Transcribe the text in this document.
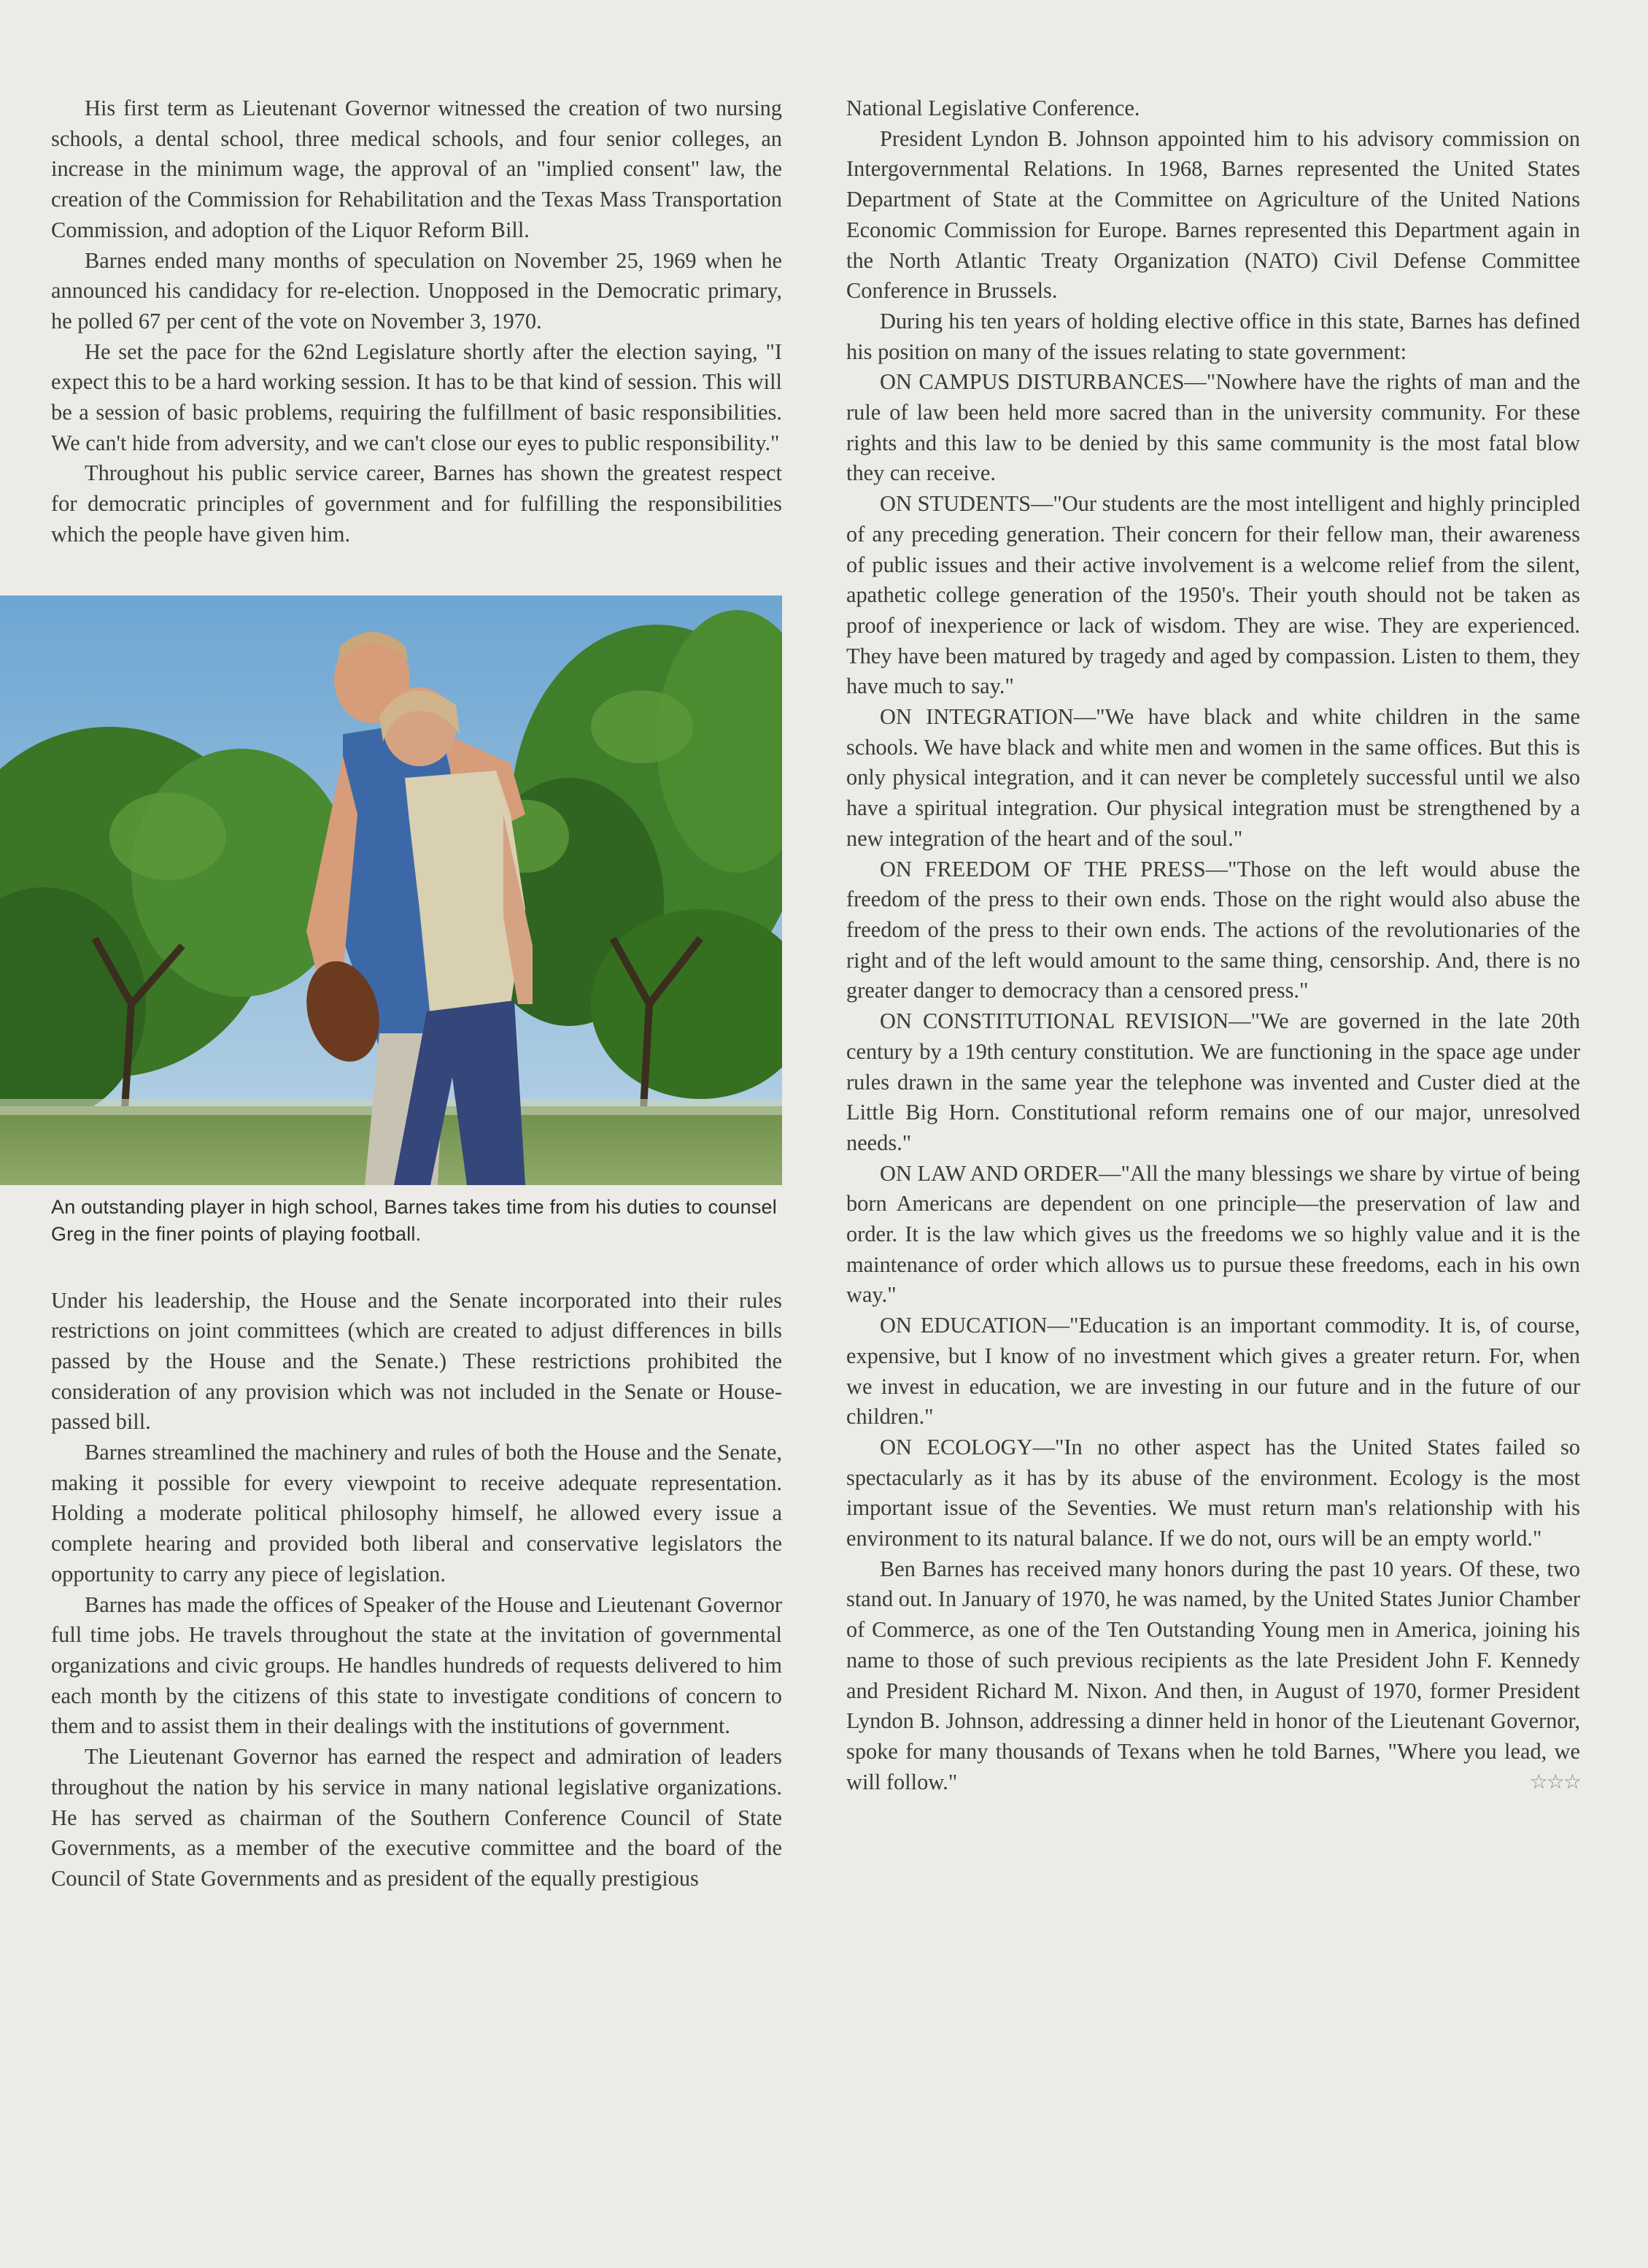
His first term as Lieutenant Governor witnessed the creation of two nursing schools, a dental school, three medical schools, and four senior colleges, an increase in the minimum wage, the approval of an "implied consent" law, the creation of the Commission for Rehabilitation and the Texas Mass Transportation Commission, and adoption of the Liquor Reform Bill.

Barnes ended many months of speculation on November 25, 1969 when he announced his candidacy for re-election. Unopposed in the Democratic primary, he polled 67 per cent of the vote on November 3, 1970.

He set the pace for the 62nd Legislature shortly after the election saying, "I expect this to be a hard working session. It has to be that kind of session. This will be a session of basic problems, requiring the fulfillment of basic responsibilities. We can't hide from adversity, and we can't close our eyes to public responsibility."

Throughout his public service career, Barnes has shown the greatest respect for democratic principles of government and for fulfilling the responsibilities which the people have given him.

An outstanding player in high school, Barnes takes time from his duties to counsel Greg in the finer points of playing football.

Under his leadership, the House and the Senate incorporated into their rules restrictions on joint committees (which are created to adjust differences in bills passed by the House and the Senate.) These restrictions prohibited the consideration of any provision which was not included in the Senate or House-passed bill.

Barnes streamlined the machinery and rules of both the House and the Senate, making it possible for every viewpoint to receive adequate representation. Holding a moderate political philosophy himself, he allowed every issue a complete hearing and provided both liberal and conservative legislators the opportunity to carry any piece of legislation.

Barnes has made the offices of Speaker of the House and Lieutenant Governor full time jobs. He travels throughout the state at the invitation of governmental organizations and civic groups. He handles hundreds of requests delivered to him each month by the citizens of this state to investigate conditions of concern to them and to assist them in their dealings with the institutions of government.

The Lieutenant Governor has earned the respect and admiration of leaders throughout the nation by his service in many national legislative organizations. He has served as chairman of the Southern Conference Council of State Governments, as a member of the executive committee and the board of the Council of State Governments and as president of the equally prestigious

National Legislative Conference.

President Lyndon B. Johnson appointed him to his advisory commission on Intergovernmental Relations. In 1968, Barnes represented the United States Department of State at the Committee on Agriculture of the United Nations Economic Commission for Europe. Barnes represented this Department again in the North Atlantic Treaty Organization (NATO) Civil Defense Committee Conference in Brussels.

During his ten years of holding elective office in this state, Barnes has defined his position on many of the issues relating to state government:

ON CAMPUS DISTURBANCES—"Nowhere have the rights of man and the rule of law been held more sacred than in the university community. For these rights and this law to be denied by this same community is the most fatal blow they can receive.

ON STUDENTS—"Our students are the most intelligent and highly principled of any preceding generation. Their concern for their fellow man, their awareness of public issues and their active involvement is a welcome relief from the silent, apathetic college generation of the 1950's. Their youth should not be taken as proof of inexperience or lack of wisdom. They are wise. They are experienced. They have been matured by tragedy and aged by compassion. Listen to them, they have much to say."

ON INTEGRATION—"We have black and white children in the same schools. We have black and white men and women in the same offices. But this is only physical integration, and it can never be completely successful until we also have a spiritual integration. Our physical integration must be strengthened by a new integration of the heart and of the soul."

ON FREEDOM OF THE PRESS—"Those on the left would abuse the freedom of the press to their own ends. Those on the right would also abuse the freedom of the press to their own ends. The actions of the revolutionaries of the right and of the left would amount to the same thing, censorship. And, there is no greater danger to democracy than a censored press."

ON CONSTITUTIONAL REVISION—"We are governed in the late 20th century by a 19th century constitution. We are functioning in the space age under rules drawn in the same year the telephone was invented and Custer died at the Little Big Horn. Constitutional reform remains one of our major, unresolved needs."

ON LAW AND ORDER—"All the many blessings we share by virtue of being born Americans are dependent on one principle—the preservation of law and order. It is the law which gives us the freedoms we so highly value and it is the maintenance of order which allows us to pursue these freedoms, each in his own way."

ON EDUCATION—"Education is an important commodity. It is, of course, expensive, but I know of no investment which gives a greater return. For, when we invest in education, we are investing in our future and in the future of our children."

ON ECOLOGY—"In no other aspect has the United States failed so spectacularly as it has by its abuse of the environment. Ecology is the most important issue of the Seventies. We must return man's relationship with his environment to its natural balance. If we do not, ours will be an empty world."

Ben Barnes has received many honors during the past 10 years. Of these, two stand out. In January of 1970, he was named, by the United States Junior Chamber of Commerce, as one of the Ten Outstanding Young men in America, joining his name to those of such previous recipients as the late President John F. Kennedy and President Richard M. Nixon. And then, in August of 1970, former President Lyndon B. Johnson, addressing a dinner held in honor of the Lieutenant Governor, spoke for many thousands of Texans when he told Barnes, "Where you lead, we will follow."	☆☆☆
